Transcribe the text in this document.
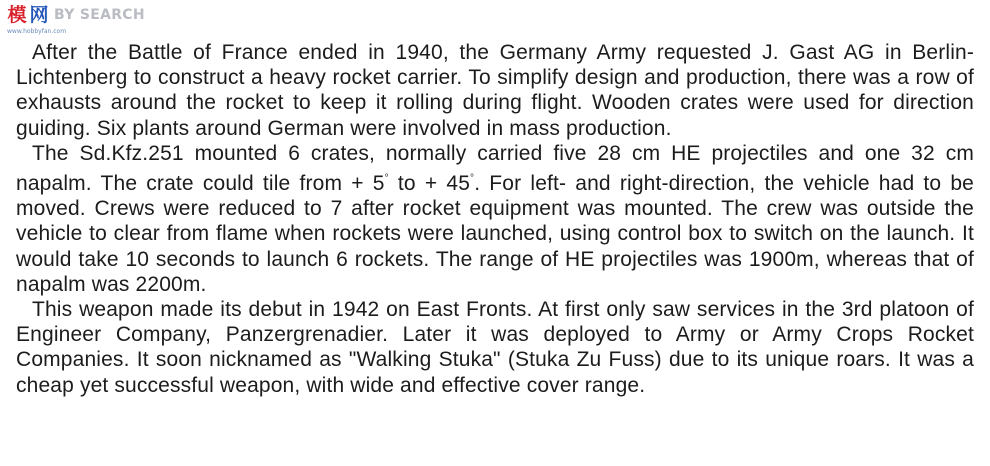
模 网 BY SEARCH
www.hobbyfan.com

After the Battle of France ended in 1940, the Germany Army requested J. Gast AG in Berlin-Lichtenberg to construct a heavy rocket carrier. To simplify design and production, there was a row of exhausts around the rocket to keep it rolling during flight. Wooden crates were used for direction guiding. Six plants around German were involved in mass production.

The Sd.Kfz.251 mounted 6 crates, normally carried five 28 cm HE projectiles and one 32 cm napalm. The crate could tile from + 5° to + 45°. For left- and right-direction, the vehicle had to be moved. Crews were reduced to 7 after rocket equipment was mounted. The crew was outside the vehicle to clear from flame when rockets were launched, using control box to switch on the launch. It would take 10 seconds to launch 6 rockets. The range of HE projectiles was 1900m, whereas that of napalm was 2200m.

This weapon made its debut in 1942 on East Fronts. At first only saw services in the 3rd platoon of Engineer Company, Panzergrenadier. Later it was deployed to Army or Army Crops Rocket Companies. It soon nicknamed as "Walking Stuka" (Stuka Zu Fuss) due to its unique roars. It was a cheap yet successful weapon, with wide and effective cover range.
